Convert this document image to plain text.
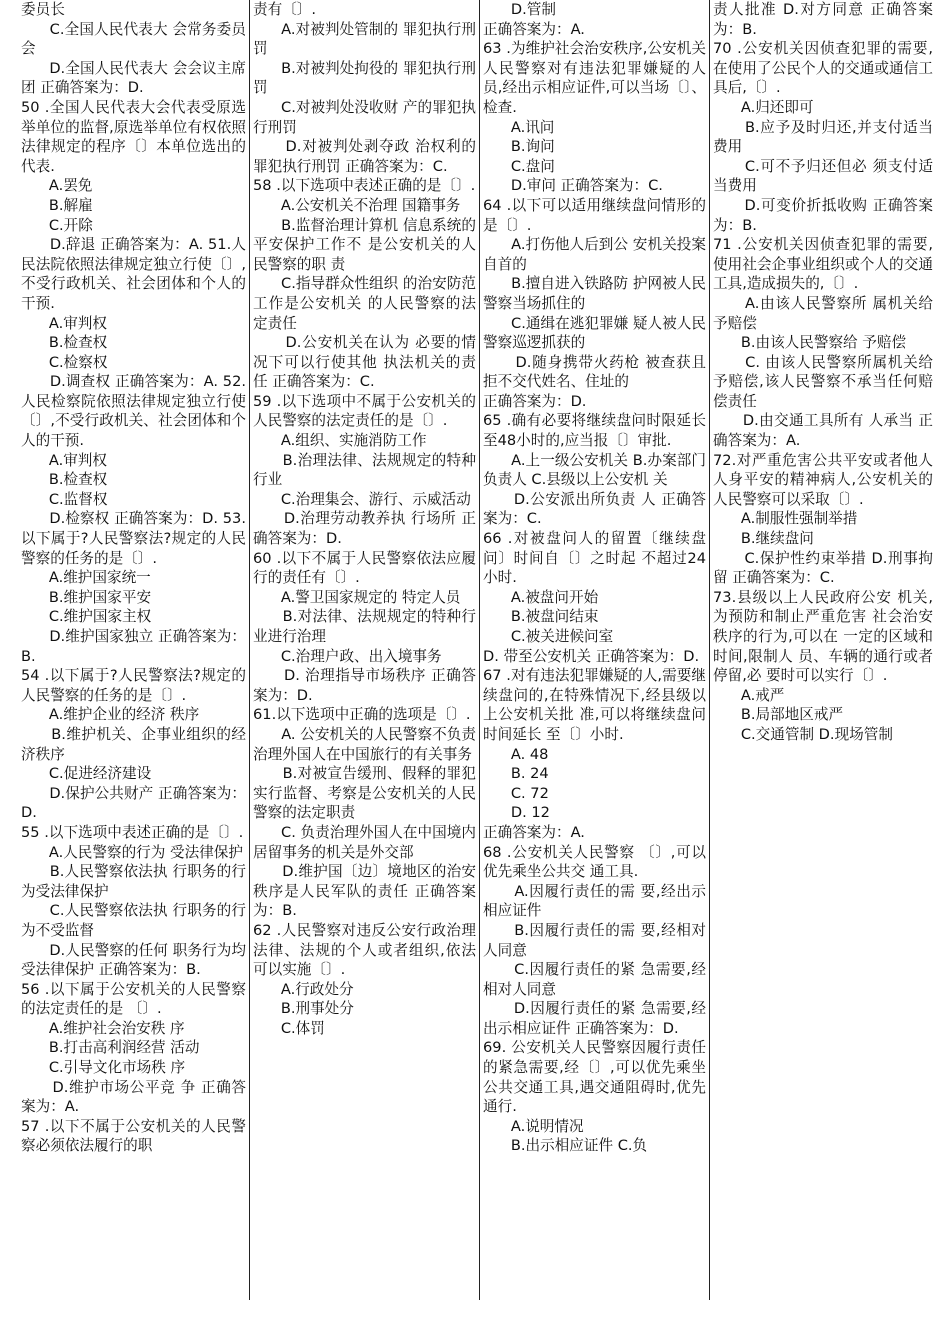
委员长
C.全国人民代表大 会常务委员会
D.全国人民代表大 会会议主席团 正确答案为：D.
50 .全国人民代表大会代表受原选举单位的监督,原选举单位有权依照法律规定的程序〔〕本单位选出的代表.
A.罢免
B.解雇
C.开除
D.辞退 正确答案为：A. 51.人民法院依照法律规定独立行使〔〕,不受行政机关、社会团体和个人的干预.
A.审判权
B.检查权
C.检察权
D.调查权 正确答案为：A. 52.人民检察院依照法律规定独立行使〔〕,不受行政机关、社会团体和个人的干预.
A.审判权
B.检查权
C.监督权
D.检察权 正确答案为：D. 53.以下属于?人民警察法?规定的人民警察的任务的是〔〕.
A.维护国家统一
B.维护国家平安
C.维护国家主权
D.维护国家独立 正确答案为：B.
54 .以下属于?人民警察法?规定的人民警察的任务的是〔〕.
A.维护企业的经济 秩序
B.维护机关、企事业组织的经济秩序
C.促进经济建设
D.保护公共财产 正确答案为：D.
55 .以下选项中表述正确的是〔〕.
A.人民警察的行为 受法律保护
B.人民警察依法执 行职务的行为受法律保护
C.人民警察依法执 行职务的行为不受监督
D.人民警察的任何 职务行为均受法律保护 正确答案为：B.
56 .以下属于公安机关的人民警察的法定责任的是 〔〕.
A.维护社会治安秩 序
B.打击高利润经营 活动
C.引导文化市场秩 序
D.维护市场公平竞 争 正确答案为：A.
57 .以下不属于公安机关的人民警察必须依法履行的职
责有〔〕.
A.对被判处管制的 罪犯执行刑罚
B.对被判处拘役的 罪犯执行刑罚
C.对被判处没收财 产的罪犯执行刑罚
D.对被判处剥夺政 治权利的罪犯执行刑罚 正确答案为：C.
58 .以下选项中表述正确的是〔〕.
A.公安机关不治理 国籍事务
B.监督治理计算机 信息系统的平安保护工作不 是公安机关的人民警察的职 责
C.指导群众性组织 的治安防范工作是公安机关 的人民警察的法定责任
D.公安机关在认为 必要的情况下可以行使其他 执法机关的责任 正确答案为：C.
59 .以下选项中不属于公安机关的人民警察的法定责任的是〔〕.
A.组织、实施消防工作
B.治理法律、法规规定的特种行业
C.治理集会、游行、示威活动
D.治理劳动教养执 行场所 正确答案为：D.
60 .以下不属于人民警察依法应履行的责任有〔〕.
A.警卫国家规定的 特定人员
B.对法律、法规规定的特种行业进行治理
C.治理户政、出入境事务
D. 治理指导市场秩序 正确答案为：D.
61.以下选项中正确的选项是〔〕.
A. 公安机关的人民警察不负责治理外国人在中国旅行的有关事务
B.对被宣告缓刑、假释的罪犯实行监督、考察是公安机关的人民警察的法定职责
C. 负责治理外国人在中国境内居留事务的机关是外交部
D.维护国〔边〕境地区的治安秩序是人民军队的责任 正确答案为：B.
62 .人民警察对违反公安行政治理法律、法规的个人或者组织,依法可以实施〔〕.
A.行政处分
B.刑事处分
C.体罚
D.管制
正确答案为：A.
63 .为维护社会治安秩序,公安机关人民警察对有违法犯罪嫌疑的人员,经出示相应证件,可以当场〔〕、检查.
A.讯问
B.询问
C.盘问
D.审问 正确答案为：C.
64 .以下可以适用继续盘问情形的是〔〕.
A.打伤他人后到公 安机关投案自首的
B.擅自进入铁路防 护网被人民警察当场抓住的
C.通缉在逃犯罪嫌 疑人被人民警察巡逻抓获的
D.随身携带火药枪 被查获且拒不交代姓名、住址的
正确答案为：D.
65 .确有必要将继续盘问时限延长至48小时的,应当报〔〕审批.
A.上一级公安机关 B.办案部门负责人 C.县级以上公安机 关
D.公安派出所负责 人 正确答案为：C.
66 .对被盘问人的留置〔继续盘问〕时间自〔〕之时起 不超过24小时.
A.被盘问开始
B.被盘问结束
C.被关进候问室
D. 带至公安机关 正确答案为：D.
67 .对有违法犯罪嫌疑的人,需要继续盘问的,在特殊情况下,经县级以上公安机关批 准,可以将继续盘问时间延长 至〔〕小时.
A. 48
B. 24
C. 72
D. 12
正确答案为：A.
68 .公安机关人民警察 〔〕,可以优先乘坐公共交 通工具.
A.因履行责任的需 要,经出示相应证件
B.因履行责任的需 要,经相对人同意
C.因履行责任的紧 急需要,经相对人同意
D.因履行责任的紧 急需要,经出示相应证件 正确答案为：D.
69. 公安机关人民警察因履行责任的紧急需要,经〔〕,可以优先乘坐公共交通工具,遇交通阻碍时,优先通行.
A.说明情况
B.出示相应证件 C.负
责人批准 D.对方同意 正确答案为：B.
70 .公安机关因侦查犯罪的需要,在使用了公民个人的交通或通信工具后,〔〕.
A.归还即可
B.应予及时归还,并支付适当费用
C.可不予归还但必 须支付适当费用
D.可变价折抵收购 正确答案为：B.
71 .公安机关因侦查犯罪的需要,使用社会企事业组织或个人的交通工具,造成损失的,〔〕.
A.由该人民警察所 属机关给予赔偿
B.由该人民警察给 予赔偿
C. 由该人民警察所属机关给予赔偿,该人民警察不承当任何赔偿责任
D.由交通工具所有 人承当 正确答案为：A.
72.对严重危害公共平安或者他人人身平安的精神病人,公安机关的人民警察可以采取〔〕.
A.制服性强制举措
B.继续盘问
C.保护性约束举措 D.刑事拘留 正确答案为：C.
73.县级以上人民政府公安 机关,为预防和制止严重危害 社会治安秩序的行为,可以在 一定的区域和时间,限制人 员、车辆的通行或者停留,必 要时可以实行〔〕.
A.戒严
B.局部地区戒严
C.交通管制 D.现场管制
